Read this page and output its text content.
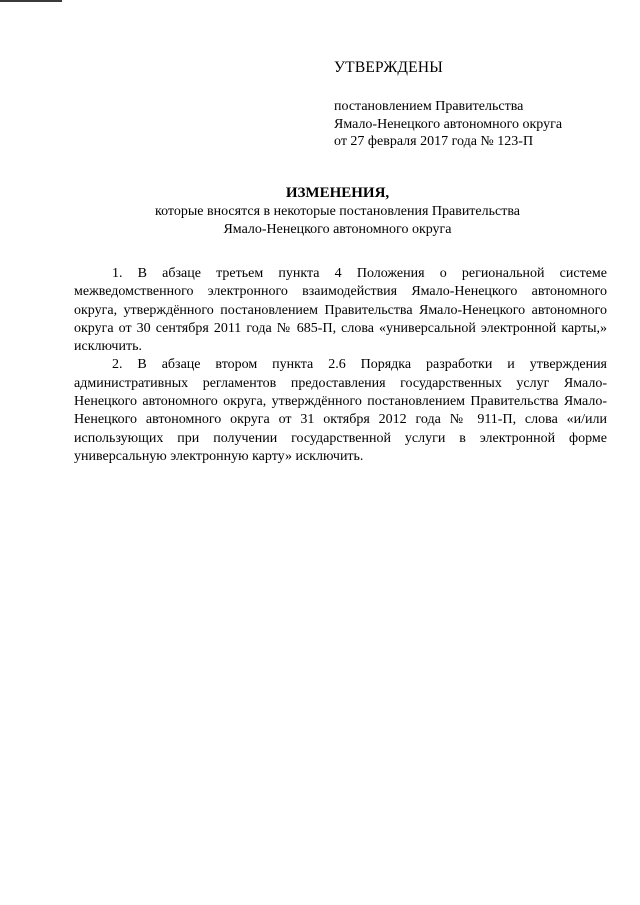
УТВЕРЖДЕНЫ
постановлением Правительства
Ямало-Ненецкого автономного округа
от 27 февраля 2017 года № 123-П
ИЗМЕНЕНИЯ,
которые вносятся в некоторые постановления Правительства
Ямало-Ненецкого автономного округа

1. В абзаце третьем пункта 4 Положения о региональной системе межведомственного электронного взаимодействия Ямало-Ненецкого автономного округа, утверждённого постановлением Правительства Ямало-Ненецкого автономного округа от 30 сентября 2011 года № 685-П, слова «универсальной электронной карты,» исключить.

2. В абзаце втором пункта 2.6 Порядка разработки и утверждения административных регламентов предоставления государственных услуг Ямало-Ненецкого автономного округа, утверждённого постановлением Правительства Ямало-Ненецкого автономного округа от 31 октября 2012 года № 911-П, слова «и/или использующих при получении государственной услуги в электронной форме универсальную электронную карту» исключить.
